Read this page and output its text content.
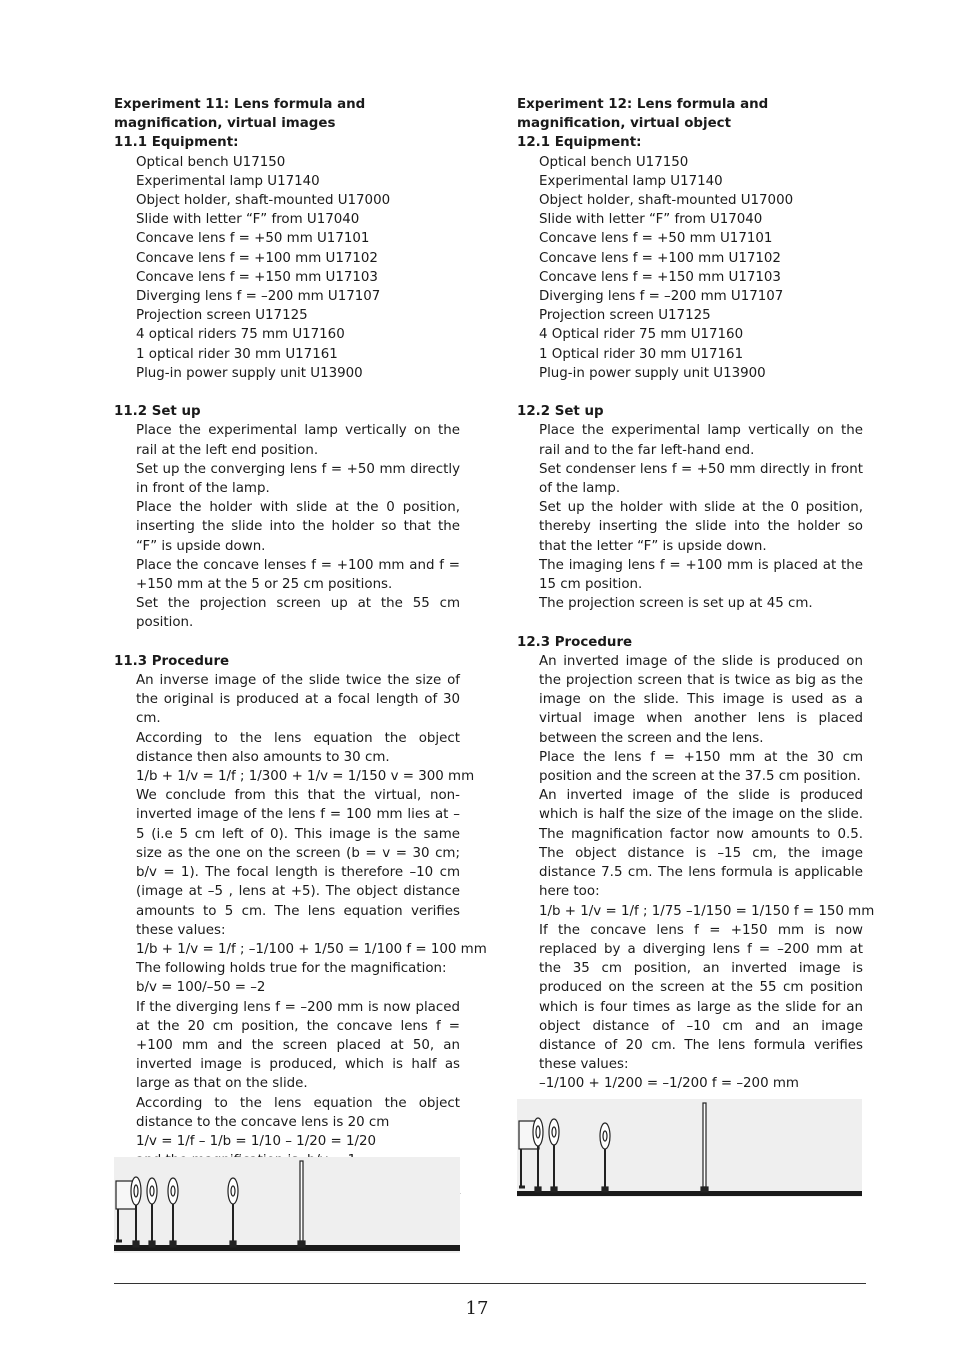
Experiment 11: Lens formula and magnification, virtual images
11.1 Equipment:
Optical bench U17150
Experimental lamp U17140
Object holder, shaft-mounted U17000
Slide with letter “F” from U17040
Concave lens f = +50 mm U17101
Concave lens f = +100 mm U17102
Concave lens f = +150 mm U17103
Diverging lens f = –200 mm U17107
Projection screen U17125
4 optical riders 75 mm U17160
1 optical rider 30 mm U17161
Plug-in power supply unit U13900
11.2 Set up
Place the experimental lamp vertically on the rail at the left end position.
Set up the converging lens f = +50 mm directly in front of the lamp.
Place the holder with slide at the 0 position, inserting the slide into the holder so that the “F” is upside down.
Place the concave lenses f = +100 mm and f = +150 mm at the 5 or 25 cm positions.
Set the projection screen up at the 55 cm position.
11.3 Procedure
An inverse image of the slide twice the size of the original is produced at a focal length of 30 cm.
According to the lens equation the object distance then also amounts to 30 cm.
1/b + 1/v = 1/f ; 1/300 + 1/v = 1/150 v = 300 mm
We conclude from this that the virtual, non-inverted image of the lens f = 100 mm lies at –5 (i.e 5 cm left of 0). This image is the same size as the one on the screen (b = v = 30 cm; b/v = 1). The focal length is therefore –10 cm (image at –5 , lens at +5). The object distance amounts to 5 cm. The lens equation verifies these values:
1/b + 1/v = 1/f ; –1/100 + 1/50 = 1/100 f = 100 mm
The following holds true for the magnification:
b/v = 100/–50 = –2
If the diverging lens f = –200 mm is now placed at the 20 cm position, the concave lens f = +100 mm and the screen placed at 50, an inverted image is produced, which is half as large as that on the slide.
According to the lens equation the object distance to the concave lens is 20 cm
1/v = 1/f – 1/b = 1/10 – 1/20 = 1/20
Experiment 12: Lens formula and magnification, virtual object
12.1 Equipment:
Optical bench U17150
Experimental lamp U17140
Object holder, shaft-mounted U17000
Slide with letter “F” from U17040
Concave lens f = +50 mm U17101
Concave lens f = +100 mm U17102
Concave lens f = +150 mm U17103
Diverging lens f = –200 mm U17107
Projection screen U17125
4 Optical rider 75 mm U17160
1 Optical rider 30 mm U17161
Plug-in power supply unit U13900
12.2 Set up
Place the experimental lamp vertically on the rail and to the far left-hand end.
Set condenser lens f = +50 mm directly in front of the lamp.
Set up the holder with slide at the 0 position, thereby inserting the slide into the holder so that the letter “F” is upside down.
The imaging lens f = +100 mm is placed at the 15 cm position.
The projection screen is set up at 45 cm.
12.3 Procedure
An inverted image of the slide is produced on the projection screen that is twice as big as the image on the slide. This image is used as a virtual image when another lens is placed between the screen and the lens.
Place the lens f = +150 mm at the 30 cm position and the screen at the 37.5 cm position.
An inverted image of the slide is produced which is half the size of the image on the slide. The magnification factor now amounts to 0.5. The object distance is –15 cm, the image distance 7.5 cm. The lens formula is applicable here too:
1/b + 1/v = 1/f ; 1/75 –1/150 = 1/150 f = 150 mm
If the concave lens f = +150 mm is now replaced by a diverging lens f = –200 mm at the 35 cm position, an inverted image is produced on the screen at the 55 cm position which is four times as large as the slide for an object distance of –10 cm and an image distance of 20 cm. The lens formula verifies these values:
–1/100 + 1/200 = –1/200 f = –200 mm
17
